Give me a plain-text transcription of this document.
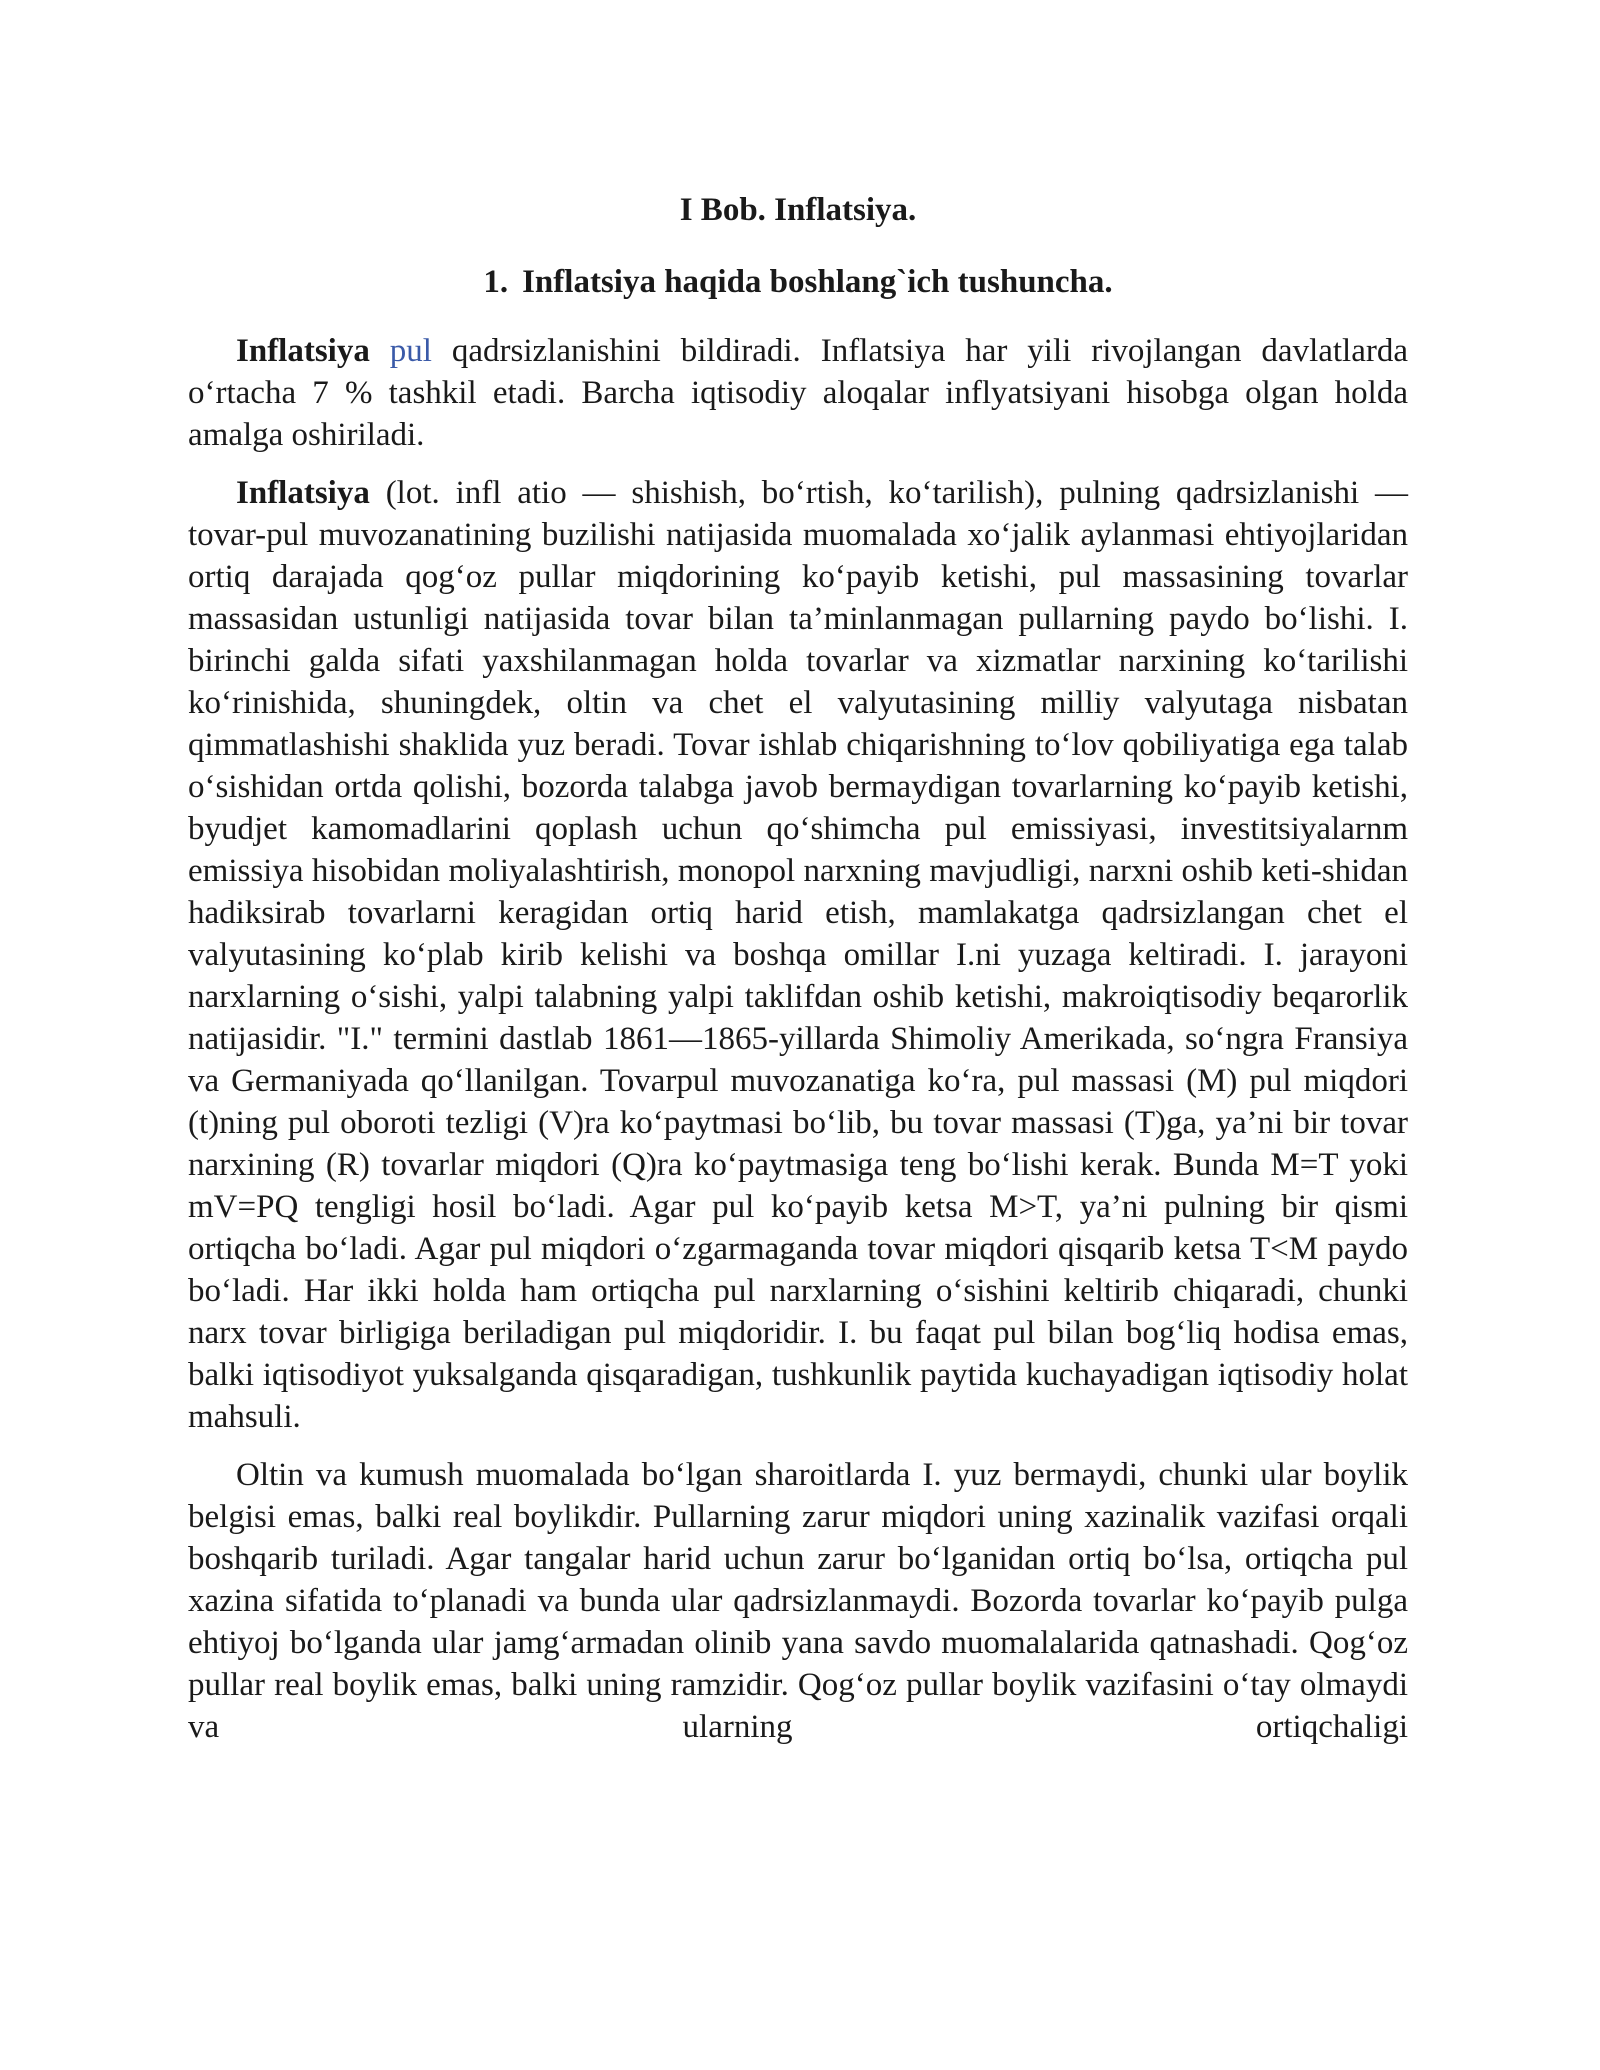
I Bob. Inflatsiya.
1. Inflatsiya haqida boshlang`ich tushuncha.

Inflatsiya pul qadrsizlanishini bildiradi. Inflatsiya har yili rivojlangan davlatlarda o‘rtacha 7 % tashkil etadi. Barcha iqtisodiy aloqalar inflyatsiyani hisobga olgan holda amalga oshiriladi.

Inflatsiya (lot. infl atio — shishish, bo‘rtish, ko‘tarilish), pulning qadrsizlanishi — tovar-pul muvozanatining buzilishi natijasida muomalada xo‘jalik aylanmasi ehtiyojlaridan ortiq darajada qog‘oz pullar miqdorining ko‘payib ketishi, pul massasining tovarlar massasidan ustunligi natijasida tovar bilan ta’minlanmagan pullarning paydo bo‘lishi. I. birinchi galda sifati yaxshilanmagan holda tovarlar va xizmatlar narxining ko‘tarilishi ko‘rinishida, shuningdek, oltin va chet el valyutasining milliy valyutaga nisbatan qimmatlashishi shaklida yuz beradi. Tovar ishlab chiqarishning to‘lov qobiliyatiga ega talab o‘sishidan ortda qolishi, bozorda talabga javob bermaydigan tovarlarning ko‘payib ketishi, byudjet kamomadlarini qoplash uchun qo‘shimcha pul emissiyasi, investitsiyalarnm emissiya hisobidan moliyalashtirish, monopol narxning mavjudligi, narxni oshib keti-shidan hadiksirab tovarlarni keragidan ortiq harid etish, mamlakatga qadrsizlangan chet el valyutasining ko‘plab kirib kelishi va boshqa omillar I.ni yuzaga keltiradi. I. jarayoni narxlarning o‘sishi, yalpi talabning yalpi taklifdan oshib ketishi, makroiqtisodiy beqarorlik natijasidir. "I." termini dastlab 1861—1865-yillarda Shimoliy Amerikada, so‘ngra Fransiya va Germaniyada qo‘llanilgan. Tovarpul muvozanatiga ko‘ra, pul massasi (M) pul miqdori (t)ning pul oboroti tezligi (V)ra ko‘paytmasi bo‘lib, bu tovar massasi (T)ga, ya’ni bir tovar narxining (R) tovarlar miqdori (Q)ra ko‘paytmasiga teng bo‘lishi kerak. Bunda M=T yoki mV=PQ tengligi hosil bo‘ladi. Agar pul ko‘payib ketsa M>T, ya’ni pulning bir qismi ortiqcha bo‘ladi. Agar pul miqdori o‘zgarmaganda tovar miqdori qisqarib ketsa T<M paydo bo‘ladi. Har ikki holda ham ortiqcha pul narxlarning o‘sishini keltirib chiqaradi, chunki narx tovar birligiga beriladigan pul miqdoridir. I. bu faqat pul bilan bog‘liq hodisa emas, balki iqtisodiyot yuksalganda qisqaradigan, tushkunlik paytida kuchayadigan iqtisodiy holat mahsuli.

Oltin va kumush muomalada bo‘lgan sharoitlarda I. yuz bermaydi, chunki ular boylik belgisi emas, balki real boylikdir. Pullarning zarur miqdori uning xazinalik vazifasi orqali boshqarib turiladi. Agar tangalar harid uchun zarur bo‘lganidan ortiq bo‘lsa, ortiqcha pul xazina sifatida to‘planadi va bunda ular qadrsizlanmaydi. Bozorda tovarlar ko‘payib pulga ehtiyoj bo‘lganda ular jamg‘armadan olinib yana savdo muomalalarida qatnashadi. Qog‘oz pullar real boylik emas, balki uning ramzidir. Qog‘oz pullar boylik vazifasini o‘tay olmaydi va ularning ortiqchaligi
